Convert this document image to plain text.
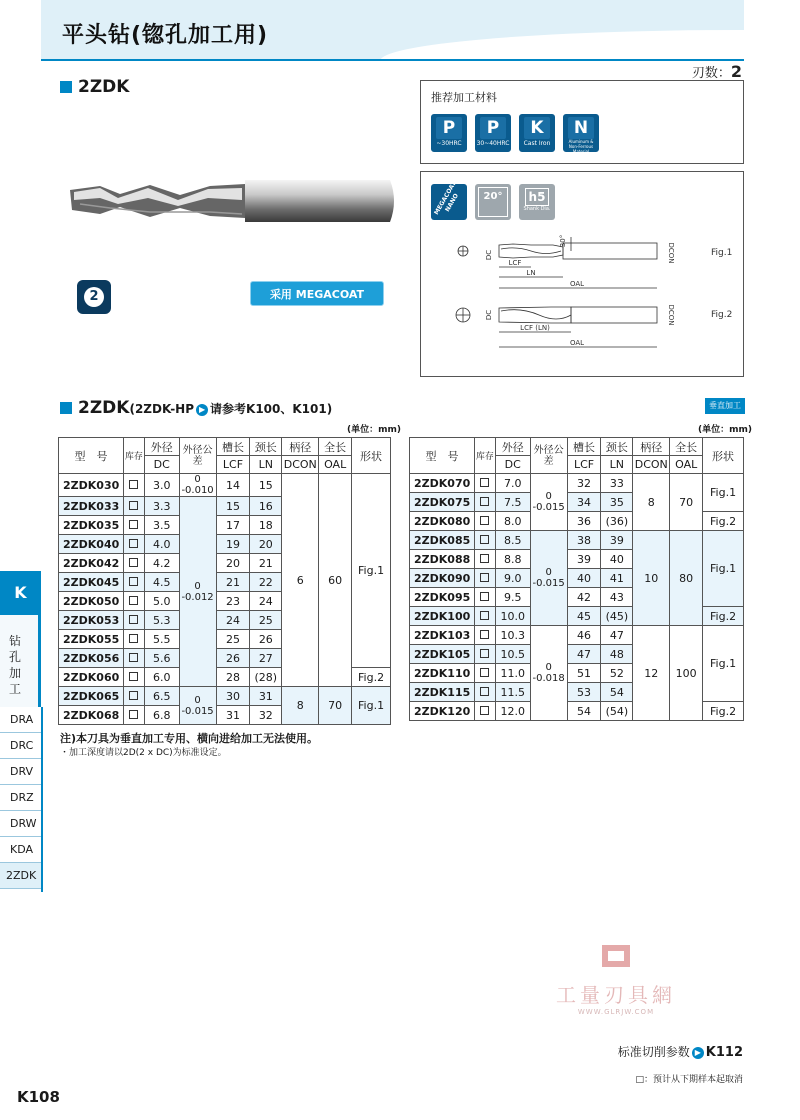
平头钻(锪孔加工用)
刃数：2
2ZDK
2	采用 MEGACOAT NANO
推荐加工材料
P
~30HRC
P
30~40HRC
K
Cast Iron
N
Aluminum & Non-Ferrous Material
MEGACOAT NANO	20°	h5
Shank Dia.
DC	DCON
30°
LCF
LN
OAL
Fig.1
DC	DCON
LCF (LN)
OAL
Fig.2
2ZDK(2ZDK-HP ▶ 请参考K100、K101)	垂直加工
(单位：mm)	(单位：mm)
型　号	库存	外径	外径公差	槽长	颈长	柄径	全长	形状
		DC		LCF	LN	DCON	OAL	
2ZDK030		3.0	0
-0.010	14	15	6	60	Fig.1
2ZDK033		3.3	0
-0.012	15	16			
2ZDK035		3.5		17	18			
2ZDK040		4.0		19	20			
2ZDK042		4.2		20	21			
2ZDK045		4.5		21	22			
2ZDK050		5.0		23	24			
2ZDK053		5.3		24	25			
2ZDK055		5.5		25	26			
2ZDK056		5.6		26	27			
2ZDK060		6.0		28	(28)			Fig.2
2ZDK065		6.5	0
-0.015	30	31	8	70	Fig.1
2ZDK068		6.8		31	32			
型　号	库存	外径	外径公差	槽长	颈长	柄径	全长	形状
		DC		LCF	LN	DCON	OAL	
2ZDK070		7.0	0
-0.015	32	33	8	70	Fig.1
2ZDK075		7.5		34	35			
2ZDK080		8.0		36	(36)			Fig.2
2ZDK085		8.5	0
-0.015	38	39	10	80	Fig.1
2ZDK088		8.8		39	40			
2ZDK090		9.0		40	41			
2ZDK095		9.5		42	43			
2ZDK100		10.0		45	(45)			Fig.2
2ZDK103		10.3	0
-0.018	46	47	12	100	Fig.1
2ZDK105		10.5		47	48			
2ZDK110		11.0		51	52			
2ZDK115		11.5		53	54			
2ZDK120		12.0		54	(54)			Fig.2
注)本刀具为垂直加工专用、横向进给加工无法使用。
・加工深度请以2D(2 x DC)为标准设定。
K
钻孔加工
DRA
DRC
DRV
DRZ
DRW
KDA
2ZDK
工量刃具網
WWW.GLRJW.COM
标准切削参数 ▶ K112
□：预计从下期样本起取消
K108
